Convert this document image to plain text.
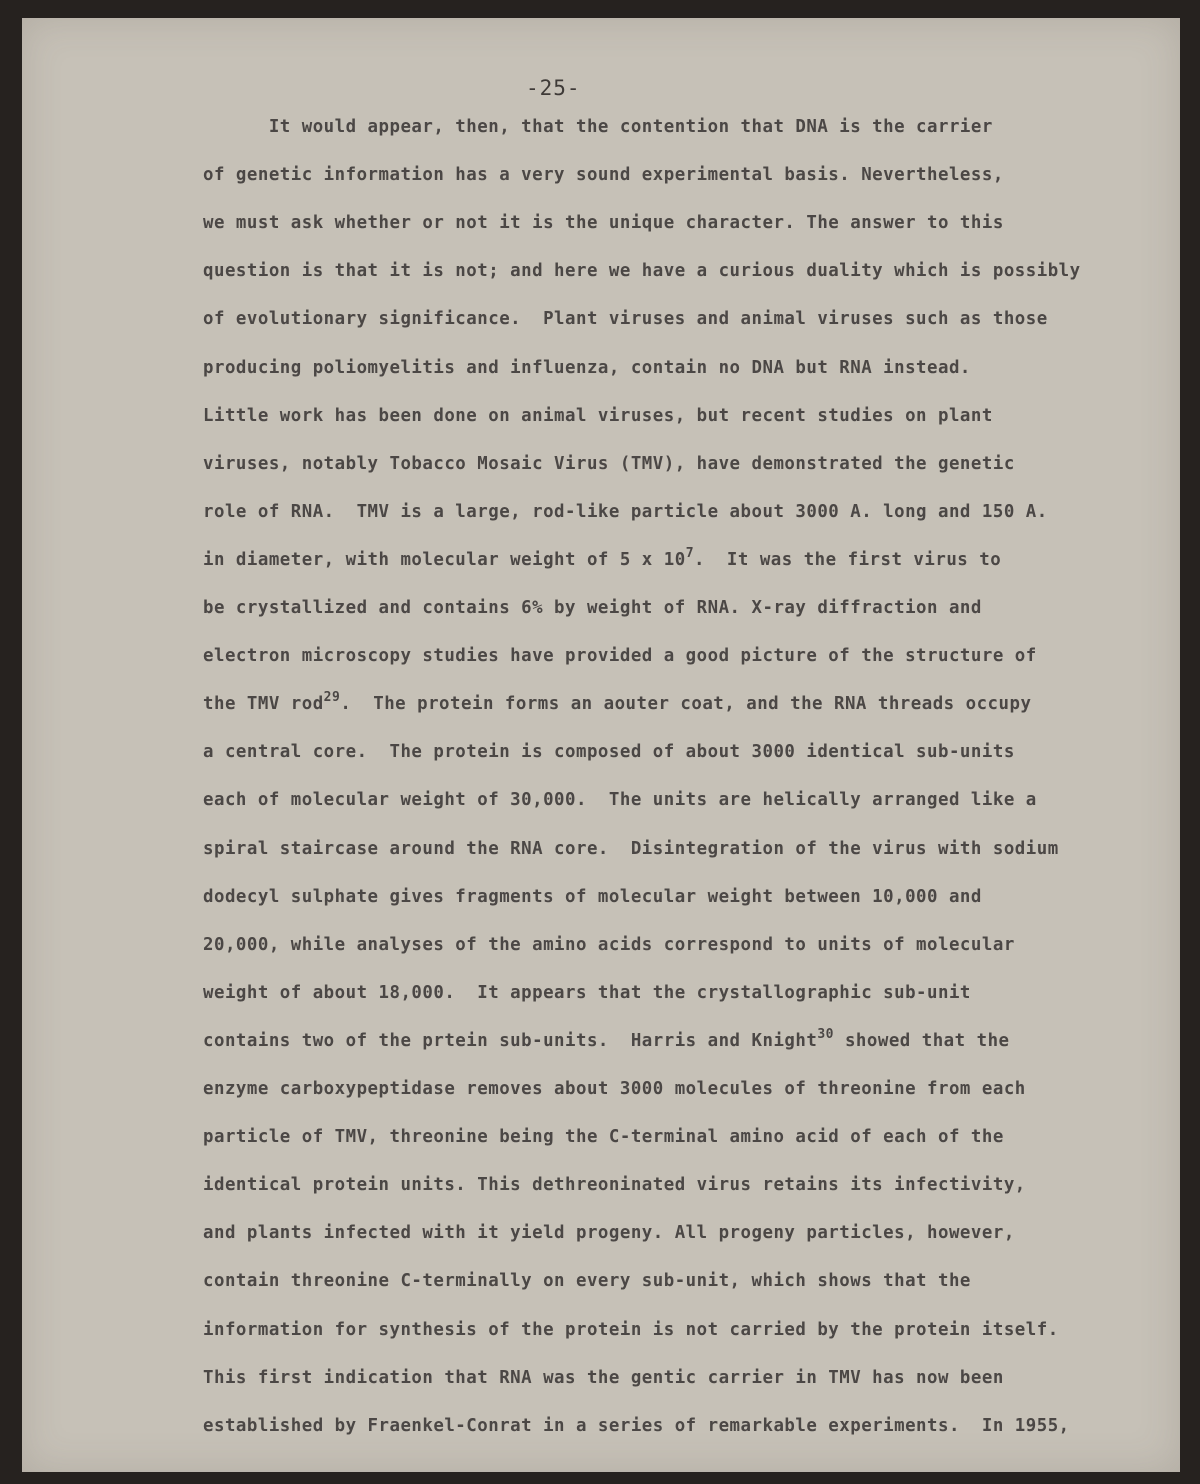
-25-
It would appear, then, that the contention that DNA is the carrier
of genetic information has a very sound experimental basis. Nevertheless,
we must ask whether or not it is the unique character. The answer to this
question is that it is not; and here we have a curious duality which is possibly
of evolutionary significance.  Plant viruses and animal viruses such as those
producing poliomyelitis and influenza, contain no DNA but RNA instead.
Little work has been done on animal viruses, but recent studies on plant
viruses, notably Tobacco Mosaic Virus (TMV), have demonstrated the genetic
role of RNA.  TMV is a large, rod-like particle about 3000 A. long and 150 A.
in diameter, with molecular weight of 5 x $10^7$.  It was the first virus to
be crystallized and contains 6% by weight of RNA. X-ray diffraction and
electron microscopy studies have provided a good picture of the structure of
the TMV rod$^{29}$.  The protein forms an aouter coat, and the RNA threads occupy
a central core.  The protein is composed of about 3000 identical sub-units
each of molecular weight of 30,000.  The units are helically arranged like a
spiral staircase around the RNA core.  Disintegration of the virus with sodium
dodecyl sulphate gives fragments of molecular weight between 10,000 and
20,000, while analyses of the amino acids correspond to units of molecular
weight of about 18,000.  It appears that the crystallographic sub-unit
contains two of the prtein sub-units.  Harris and Knight$^{30}$ showed that the
enzyme carboxypeptidase removes about 3000 molecules of threonine from each
particle of TMV, threonine being the C-terminal amino acid of each of the
identical protein units. This dethreoninated virus retains its infectivity,
and plants infected with it yield progeny. All progeny particles, however,
contain threonine C-terminally on every sub-unit, which shows that the
information for synthesis of the protein is not carried by the protein itself.
This first indication that RNA was the gentic carrier in TMV has now been
established by Fraenkel-Conrat in a series of remarkable experiments.  In 1955,
